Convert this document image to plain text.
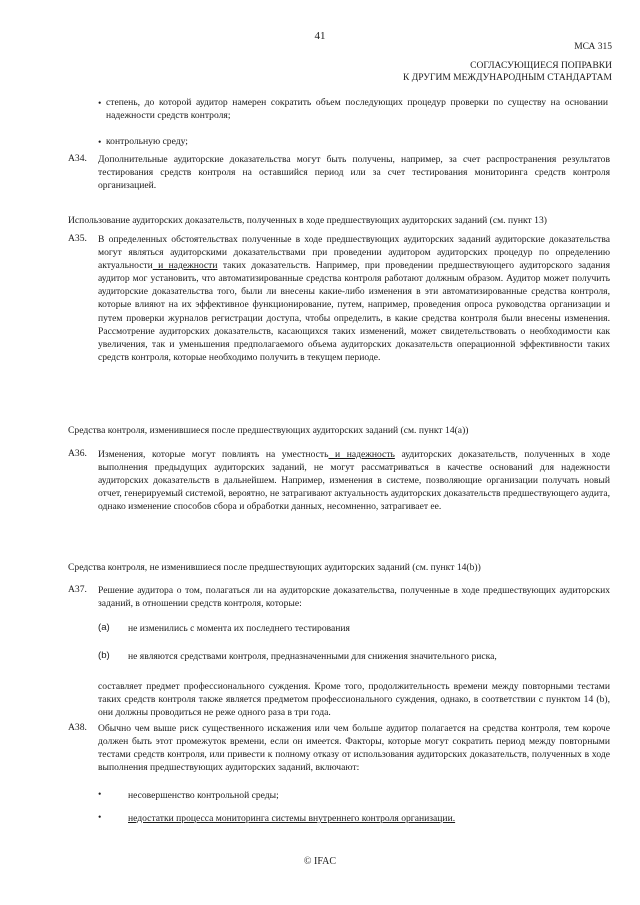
41
МСА 315
СОГЛАСУЮЩИЕСЯ ПОПРАВКИ
К ДРУГИМ МЕЖДУНАРОДНЫМ СТАНДАРТАМ
• степень, до которой аудитор намерен сократить объем последующих процедур проверки по существу на основании надежности средств контроля;
• контрольную среду;
A34. Дополнительные аудиторские доказательства могут быть получены, например, за счет распространения результатов тестирования средств контроля на оставшийся период или за счет тестирования мониторинга средств контроля организацией.
Использование аудиторских доказательств, полученных в ходе предшествующих аудиторских заданий (см. пункт 13)
A35. В определенных обстоятельствах полученные в ходе предшествующих аудиторских заданий аудиторские доказательства могут являться аудиторскими доказательствами при проведении аудитором аудиторских процедур по определению актуальности и надежности таких доказательств. Например, при проведении предшествующего аудиторского задания аудитор мог установить, что автоматизированные средства контроля работают должным образом. Аудитор может получить аудиторские доказательства того, были ли внесены какие-либо изменения в эти автоматизированные средства контроля, которые влияют на их эффективное функционирование, путем, например, проведения опроса руководства организации и путем проверки журналов регистрации доступа, чтобы определить, в какие средства контроля были внесены изменения. Рассмотрение аудиторских доказательств, касающихся таких изменений, может свидетельствовать о необходимости как увеличения, так и уменьшения предполагаемого объема аудиторских доказательств операционной эффективности таких средств контроля, которые необходимо получить в текущем периоде.
Средства контроля, изменившиеся после предшествующих аудиторских заданий (см. пункт 14(а))
A36. Изменения, которые могут повлиять на уместность и надежность аудиторских доказательств, полученных в ходе выполнения предыдущих аудиторских заданий, не могут рассматриваться в качестве оснований для надежности аудиторских доказательств в дальнейшем. Например, изменения в системе, позволяющие организации получать новый отчет, генерируемый системой, вероятно, не затрагивают актуальность аудиторских доказательств предшествующего аудита, однако изменение способов сбора и обработки данных, несомненно, затрагивает ее.
Средства контроля, не изменившиеся после предшествующих аудиторских заданий (см. пункт 14(b))
A37. Решение аудитора о том, полагаться ли на аудиторские доказательства, полученные в ходе предшествующих аудиторских заданий, в отношении средств контроля, которые:
(a) не изменились с момента их последнего тестирования
(b) не являются средствами контроля, предназначенными для снижения значительного риска,
составляет предмет профессионального суждения. Кроме того, продолжительность времени между повторными тестами таких средств контроля также является предметом профессионального суждения, однако, в соответствии с пунктом 14 (b), они должны проводиться не реже одного раза в три года.
A38. Обычно чем выше риск существенного искажения или чем больше аудитор полагается на средства контроля, тем короче должен быть этот промежуток времени, если он имеется. Факторы, которые могут сократить период между повторными тестами средств контроля, или привести к полному отказу от использования аудиторских доказательств, полученных в ходе выполнения предшествующих аудиторских заданий, включают:
•	несовершенство контрольной среды;
•	недостатки процесса мониторинга системы внутреннего контроля организации.
© IFAC
